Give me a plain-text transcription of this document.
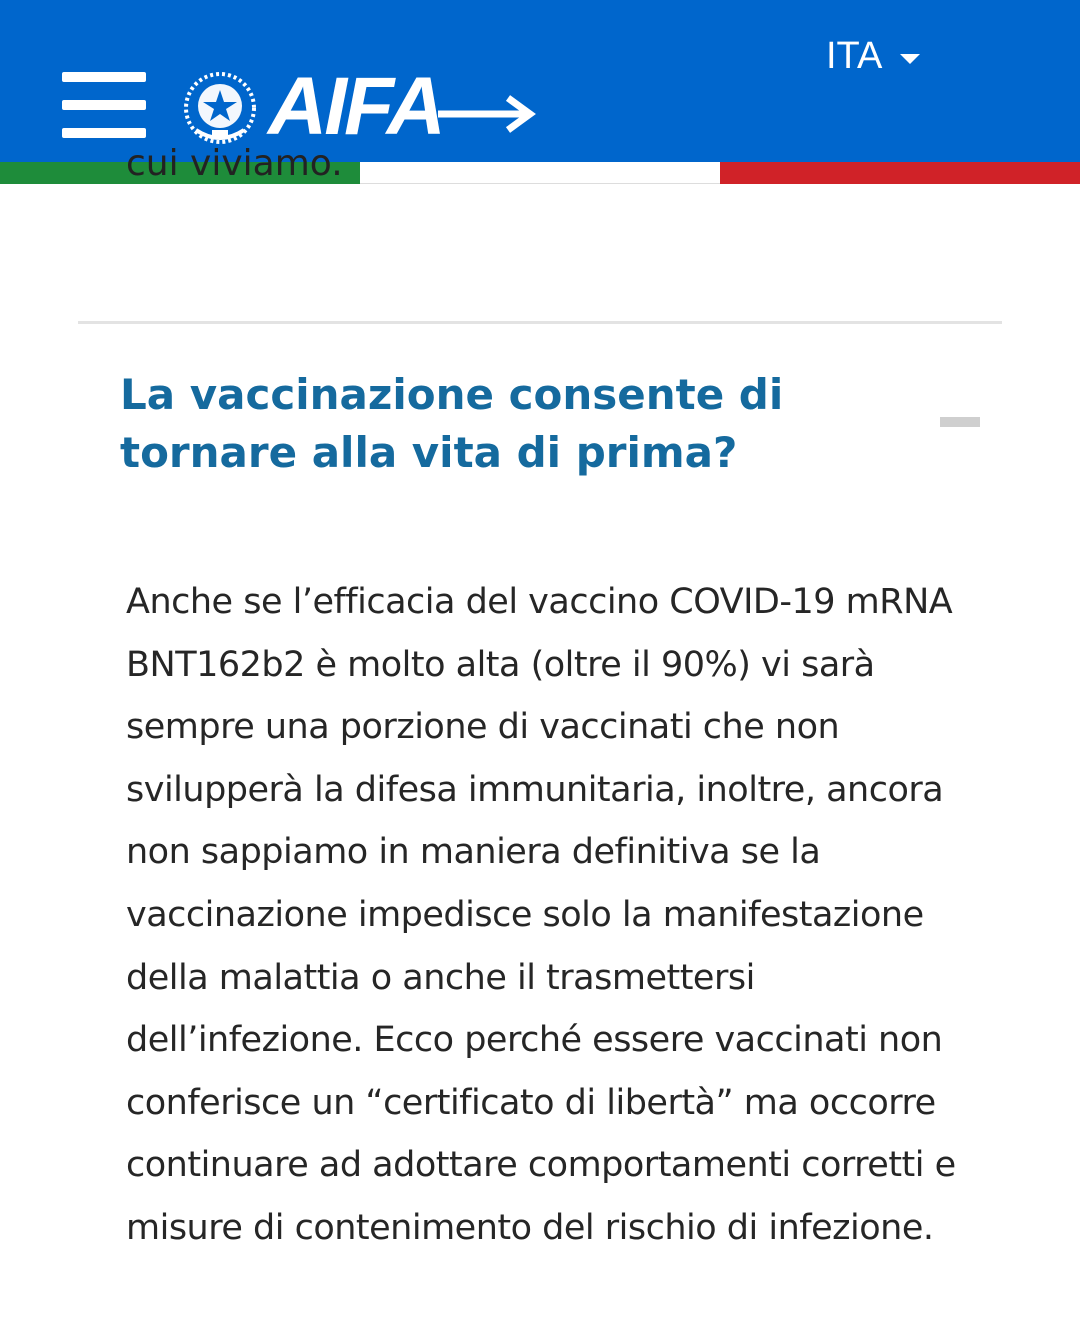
AIFA
ITA
cui viviamo.
La vaccinazione consente di tornare alla vita di prima?

Anche se l’efficacia del vaccino COVID-19 mRNA BNT162b2 è molto alta (oltre il 90%) vi sarà sempre una porzione di vaccinati che non svilupperà la difesa immunitaria, inoltre, ancora non sappiamo in maniera definitiva se la vaccinazione impedisce solo la manifestazione della malattia o anche il trasmettersi dell’infezione. Ecco perché essere vaccinati non conferisce un “certificato di libertà” ma occorre continuare ad adottare comportamenti corretti e misure di contenimento del rischio di infezione.
